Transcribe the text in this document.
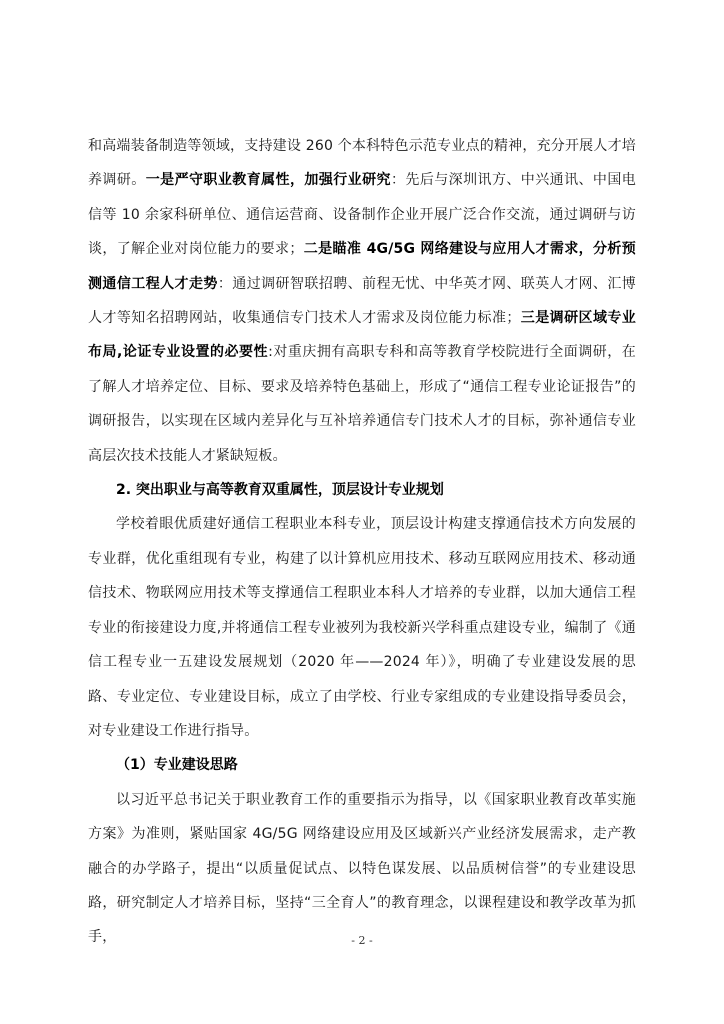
和高端装备制造等领域，支持建设 260 个本科特色示范专业点的精神，充分开展人才培养调研。一是严守职业教育属性，加强行业研究：先后与深圳讯方、中兴通讯、中国电信等 10 余家科研单位、通信运营商、设备制作企业开展广泛合作交流，通过调研与访谈，了解企业对岗位能力的要求；二是瞄准 4G/5G 网络建设与应用人才需求，分析预测通信工程人才走势：通过调研智联招聘、前程无忧、中华英才网、联英人才网、汇博人才等知名招聘网站，收集通信专门技术人才需求及岗位能力标准；三是调研区域专业布局,论证专业设置的必要性:对重庆拥有高职专科和高等教育学校院进行全面调研，在了解人才培养定位、目标、要求及培养特色基础上，形成了“通信工程专业论证报告”的调研报告，以实现在区域内差异化与互补培养通信专门技术人才的目标，弥补通信专业高层次技术技能人才紧缺短板。

2. 突出职业与高等教育双重属性，顶层设计专业规划

学校着眼优质建好通信工程职业本科专业，顶层设计构建支撑通信技术方向发展的专业群，优化重组现有专业，构建了以计算机应用技术、移动互联网应用技术、移动通信技术、物联网应用技术等支撑通信工程职业本科人才培养的专业群，以加大通信工程专业的衔接建设力度,并将通信工程专业被列为我校新兴学科重点建设专业，编制了《通信工程专业一五建设发展规划（2020 年——2024 年）》，明确了专业建设发展的思路、专业定位、专业建设目标，成立了由学校、行业专家组成的专业建设指导委员会，对专业建设工作进行指导。

（1）专业建设思路

以习近平总书记关于职业教育工作的重要指示为指导，以《国家职业教育改革实施方案》为准则，紧贴国家 4G/5G 网络建设应用及区域新兴产业经济发展需求，走产教融合的办学路子，提出“以质量促试点、以特色谋发展、以品质树信誉”的专业建设思路，研究制定人才培养目标，坚持“三全育人”的教育理念，以课程建设和教学改革为抓手，	- 2 -
